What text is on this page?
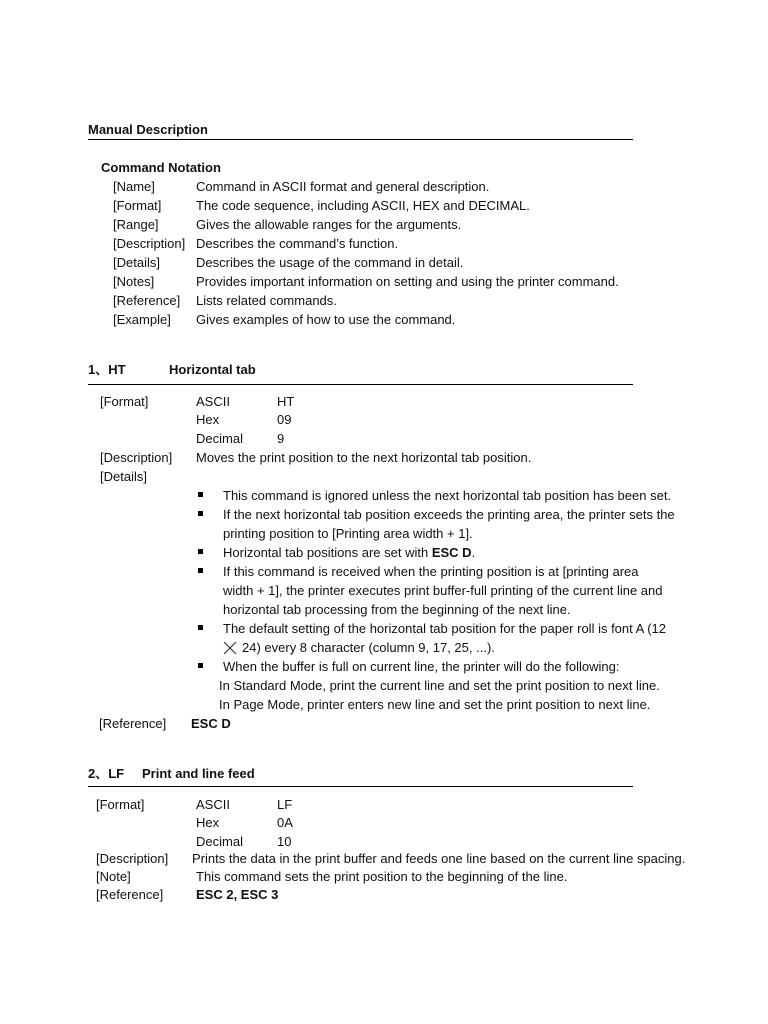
Manual Description
Command Notation
[Name]	Command in ASCII format and general description.
[Format]	The code sequence, including ASCII, HEX and DECIMAL.
[Range]	Gives the allowable ranges for the arguments.
[Description] Describes the command’s function.
[Details]	Describes the usage of the command in detail.
[Notes]	Provides important information on setting and using the printer command.
[Reference] Lists related commands.
[Example] Gives examples of how to use the command.
1、HT	Horizontal tab
[Format]	ASCII	HT
Hex	09
Decimal	9
[Description] Moves the print position to the next horizontal tab position.
[Details]
This command is ignored unless the next horizontal tab position has been set.
If the next horizontal tab position exceeds the printing area, the printer sets the
printing position to [Printing area width + 1].
Horizontal tab positions are set with ESC D.
If this command is received when the printing position is at [printing area
width + 1], the printer executes print buffer-full printing of the current line and
horizontal tab processing from the beginning of the next line.
The default setting of the horizontal tab position for the paper roll is font A (12
24) every 8 character (column 9, 17, 25, ...).
When the buffer is full on current line, the printer will do the following:
In Standard Mode, print the current line and set the print position to next line.
In Page Mode, printer enters new line and set the print position to next line.
[Reference] ESC D
2、LF Print and line feed
[Format]	ASCII	LF
Hex	0A
Decimal	10
[Description] Prints the data in the print buffer and feeds one line based on the current line spacing.
[Note]	This command sets the print position to the beginning of the line.
[Reference]	ESC 2, ESC 3
